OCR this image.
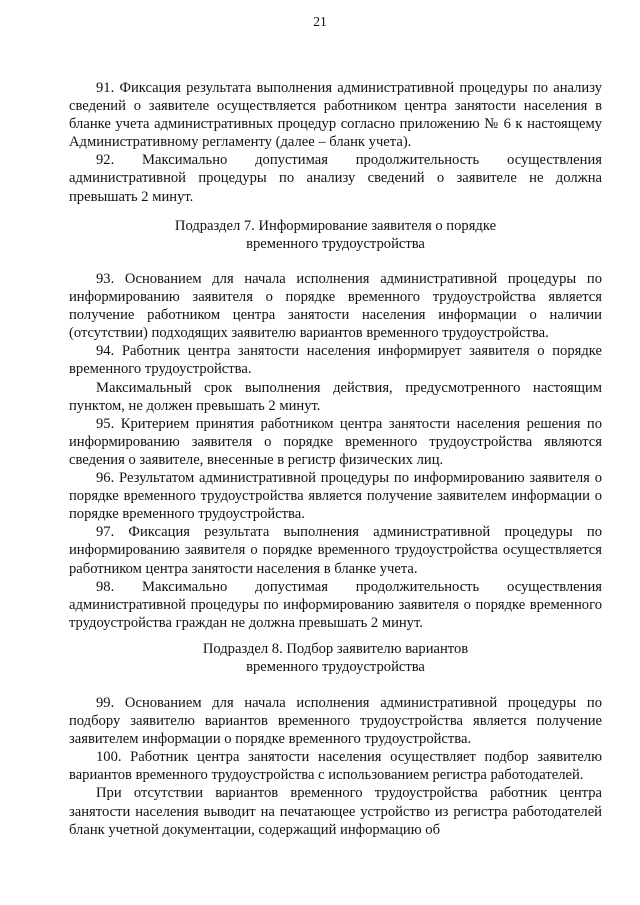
21

91. Фиксация результата выполнения административной процедуры по анализу сведений о заявителе осуществляется работником центра занятости населения в бланке учета административных процедур согласно приложению № 6 к настоящему Административному регламенту (далее – бланк учета).

92. Максимально допустимая продолжительность осуществления административной процедуры по анализу сведений о заявителе не должна превышать 2 минут.

Подраздел 7. Информирование заявителя о порядке
временного трудоустройства

93. Основанием для начала исполнения административной процедуры по информированию заявителя о порядке временного трудоустройства является получение работником центра занятости населения информации о наличии (отсутствии) подходящих заявителю вариантов временного трудоустройства.

94. Работник центра занятости населения информирует заявителя о порядке временного трудоустройства.

Максимальный срок выполнения действия, предусмотренного настоящим пунктом, не должен превышать 2 минут.

95. Критерием принятия работником центра занятости населения решения по информированию заявителя о порядке временного трудоустройства являются сведения о заявителе, внесенные в регистр физических лиц.

96. Результатом административной процедуры по информированию заявителя о порядке временного трудоустройства является получение заявителем информации о порядке временного трудоустройства.

97. Фиксация результата выполнения административной процедуры по информированию заявителя о порядке временного трудоустройства осуществляется работником центра занятости населения в бланке учета.

98. Максимально допустимая продолжительность осуществления административной процедуры по информированию заявителя о порядке временного трудоустройства граждан не должна превышать 2 минут.

Подраздел 8. Подбор заявителю вариантов
временного трудоустройства

99. Основанием для начала исполнения административной процедуры по подбору заявителю вариантов временного трудоустройства является получение заявителем информации о порядке временного трудоустройства.

100. Работник центра занятости населения осуществляет подбор заявителю вариантов временного трудоустройства с использованием регистра работодателей.

При отсутствии вариантов временного трудоустройства работник центра занятости населения выводит на печатающее устройство из регистра работодателей бланк учетной документации, содержащий информацию об
